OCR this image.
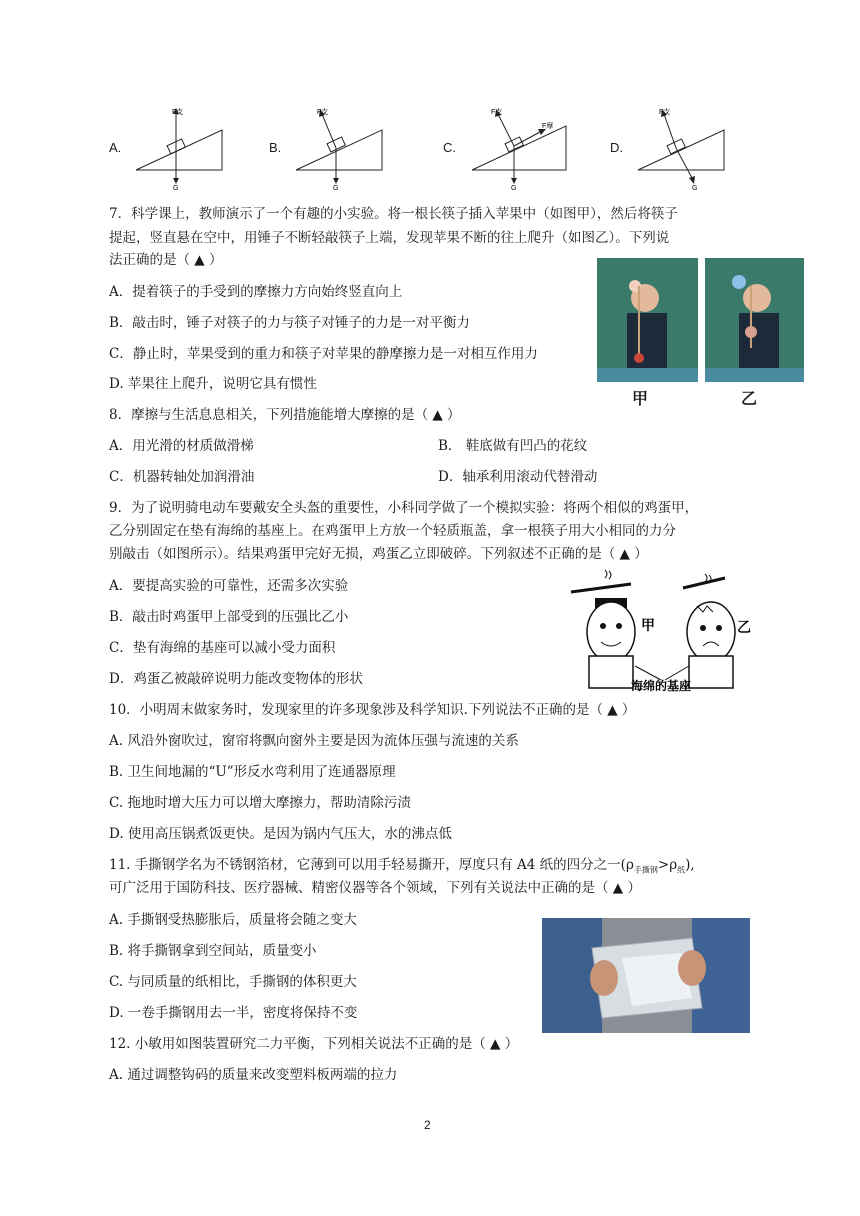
A.
F支
G
B.
F支
G
C.
F支
F摩
G
D.
F支
G
7．科学课上，教师演示了一个有趣的小实验。将一根长筷子插入苹果中（如图甲），然后将筷子
提起，竖直悬在空中，用锤子不断轻敲筷子上端，发现苹果不断的往上爬升（如图乙）。下列说
法正确的是（ ▲ ）
A．提着筷子的手受到的摩擦力方向始终竖直向上
B．敲击时，锤子对筷子的力与筷子对锤子的力是一对平衡力
C．静止时，苹果受到的重力和筷子对苹果的静摩擦力是一对相互作用力
D. 苹果往上爬升，说明它具有惯性
甲	乙
8．摩擦与生活息息相关，下列措施能增大摩擦的是（ ▲ ）
A．用光滑的材质做滑梯	B． 鞋底做有凹凸的花纹
C．机器转轴处加润滑油	D．轴承利用滚动代替滑动
9．为了说明骑电动车要戴安全头盔的重要性，小科同学做了一个模拟实验：将两个相似的鸡蛋甲，
乙分别固定在垫有海绵的基座上。在鸡蛋甲上方放一个轻质瓶盖，拿一根筷子用大小相同的力分
别敲击（如图所示）。结果鸡蛋甲完好无损，鸡蛋乙立即破碎。下列叙述不正确的是（ ▲ ）
A．要提高实验的可靠性，还需多次实验
B．敲击时鸡蛋甲上部受到的压强比乙小
C．垫有海绵的基座可以减小受力面积
D．鸡蛋乙被敲碎说明力能改变物体的形状
甲	乙
海绵的基座
10．小明周末做家务时，发现家里的许多现象涉及科学知识.下列说法不正确的是（ ▲ ）
A. 风沿外窗吹过，窗帘将飘向窗外主要是因为流体压强与流速的关系
B. 卫生间地漏的“U”形反水弯利用了连通器原理
C. 拖地时增大压力可以增大摩擦力，帮助清除污渍
D. 使用高压锅煮饭更快。是因为锅内气压大，水的沸点低
11. 手撕钢学名为不锈钢箔材，它薄到可以用手轻易撕开，厚度只有 A4 纸的四分之一$(\rho_{手撕钢}>\rho_纸)$,
可广泛用于国防科技、医疗器械、精密仪器等各个领域，下列有关说法中正确的是（ ▲ ）
A. 手撕钢受热膨胀后，质量将会随之变大
B. 将手撕钢拿到空间站，质量变小
C. 与同质量的纸相比，手撕钢的体积更大
D. 一卷手撕钢用去一半，密度将保持不变
12. 小敏用如图装置研究二力平衡，下列相关说法不正确的是（ ▲ ）
A. 通过调整钩码的质量来改变塑料板两端的拉力
2
